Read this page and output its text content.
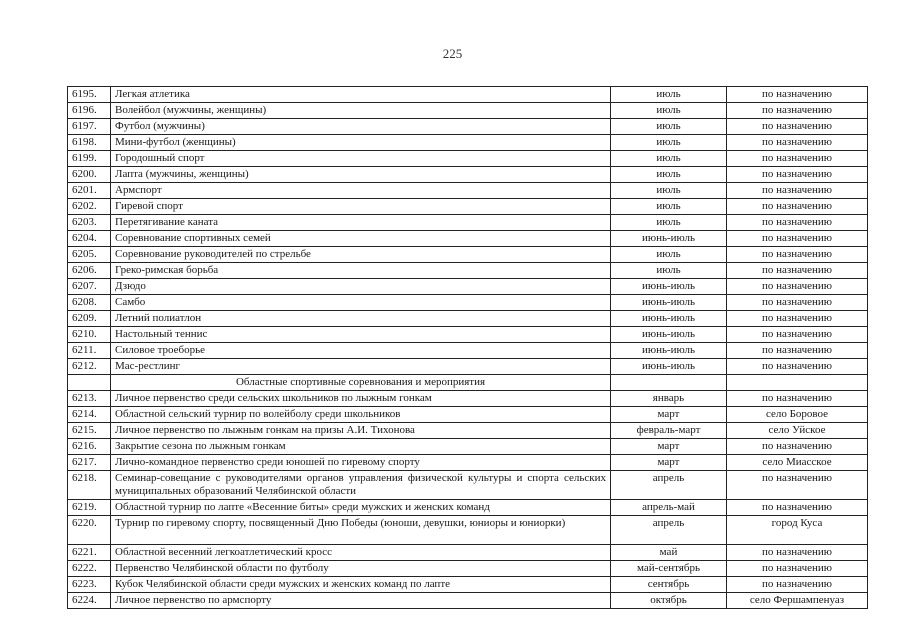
225
6195.	Легкая атлетика	июль	по назначению
6196.	Волейбол (мужчины, женщины)	июль	по назначению
6197.	Футбол (мужчины)	июль	по назначению
6198.	Мини-футбол (женщины)	июль	по назначению
6199.	Городошный спорт	июль	по назначению
6200.	Лапта (мужчины, женщины)	июль	по назначению
6201.	Армспорт	июль	по назначению
6202.	Гиревой спорт	июль	по назначению
6203.	Перетягивание каната	июль	по назначению
6204.	Соревнование спортивных семей	июнь-июль	по назначению
6205.	Соревнование руководителей по стрельбе	июль	по назначению
6206.	Греко-римская борьба	июль	по назначению
6207.	Дзюдо	июнь-июль	по назначению
6208.	Самбо	июнь-июль	по назначению
6209.	Летний полиатлон	июнь-июль	по назначению
6210.	Настольный теннис	июнь-июль	по назначению
6211.	Силовое троеборье	июнь-июль	по назначению
6212.	Мас-рестлинг	июнь-июль	по назначению
	Областные спортивные соревнования и мероприятия		
6213.	Личное первенство среди сельских школьников по лыжным гонкам	январь	по назначению
6214.	Областной сельский турнир по волейболу среди школьников	март	село Боровое
6215.	Личное первенство по лыжным гонкам на призы А.И. Тихонова	февраль-март	село Уйское
6216.	Закрытие сезона по лыжным гонкам	март	по назначению
6217.	Лично-командное первенство среди юношей по гиревому спорту	март	село Миасское
6218.	Семинар-совещание с руководителями органов управления физической культуры и спорта сельских муниципальных образований Челябинской области	апрель	по назначению
6219.	Областной турнир по лапте «Весенние биты» среди мужских и женских команд	апрель-май	по назначению
6220.	Турнир по гиревому спорту, посвященный Дню Победы (юноши, девушки, юниоры и юниорки)	апрель	город Куса
6221.	Областной весенний легкоатлетический кросс	май	по назначению
6222.	Первенство Челябинской области по футболу	май-сентябрь	по назначению
6223.	Кубок Челябинской области среди мужских и женских команд по лапте	сентябрь	по назначению
6224.	Личное первенство по армспорту	октябрь	село Фершампенуаз
